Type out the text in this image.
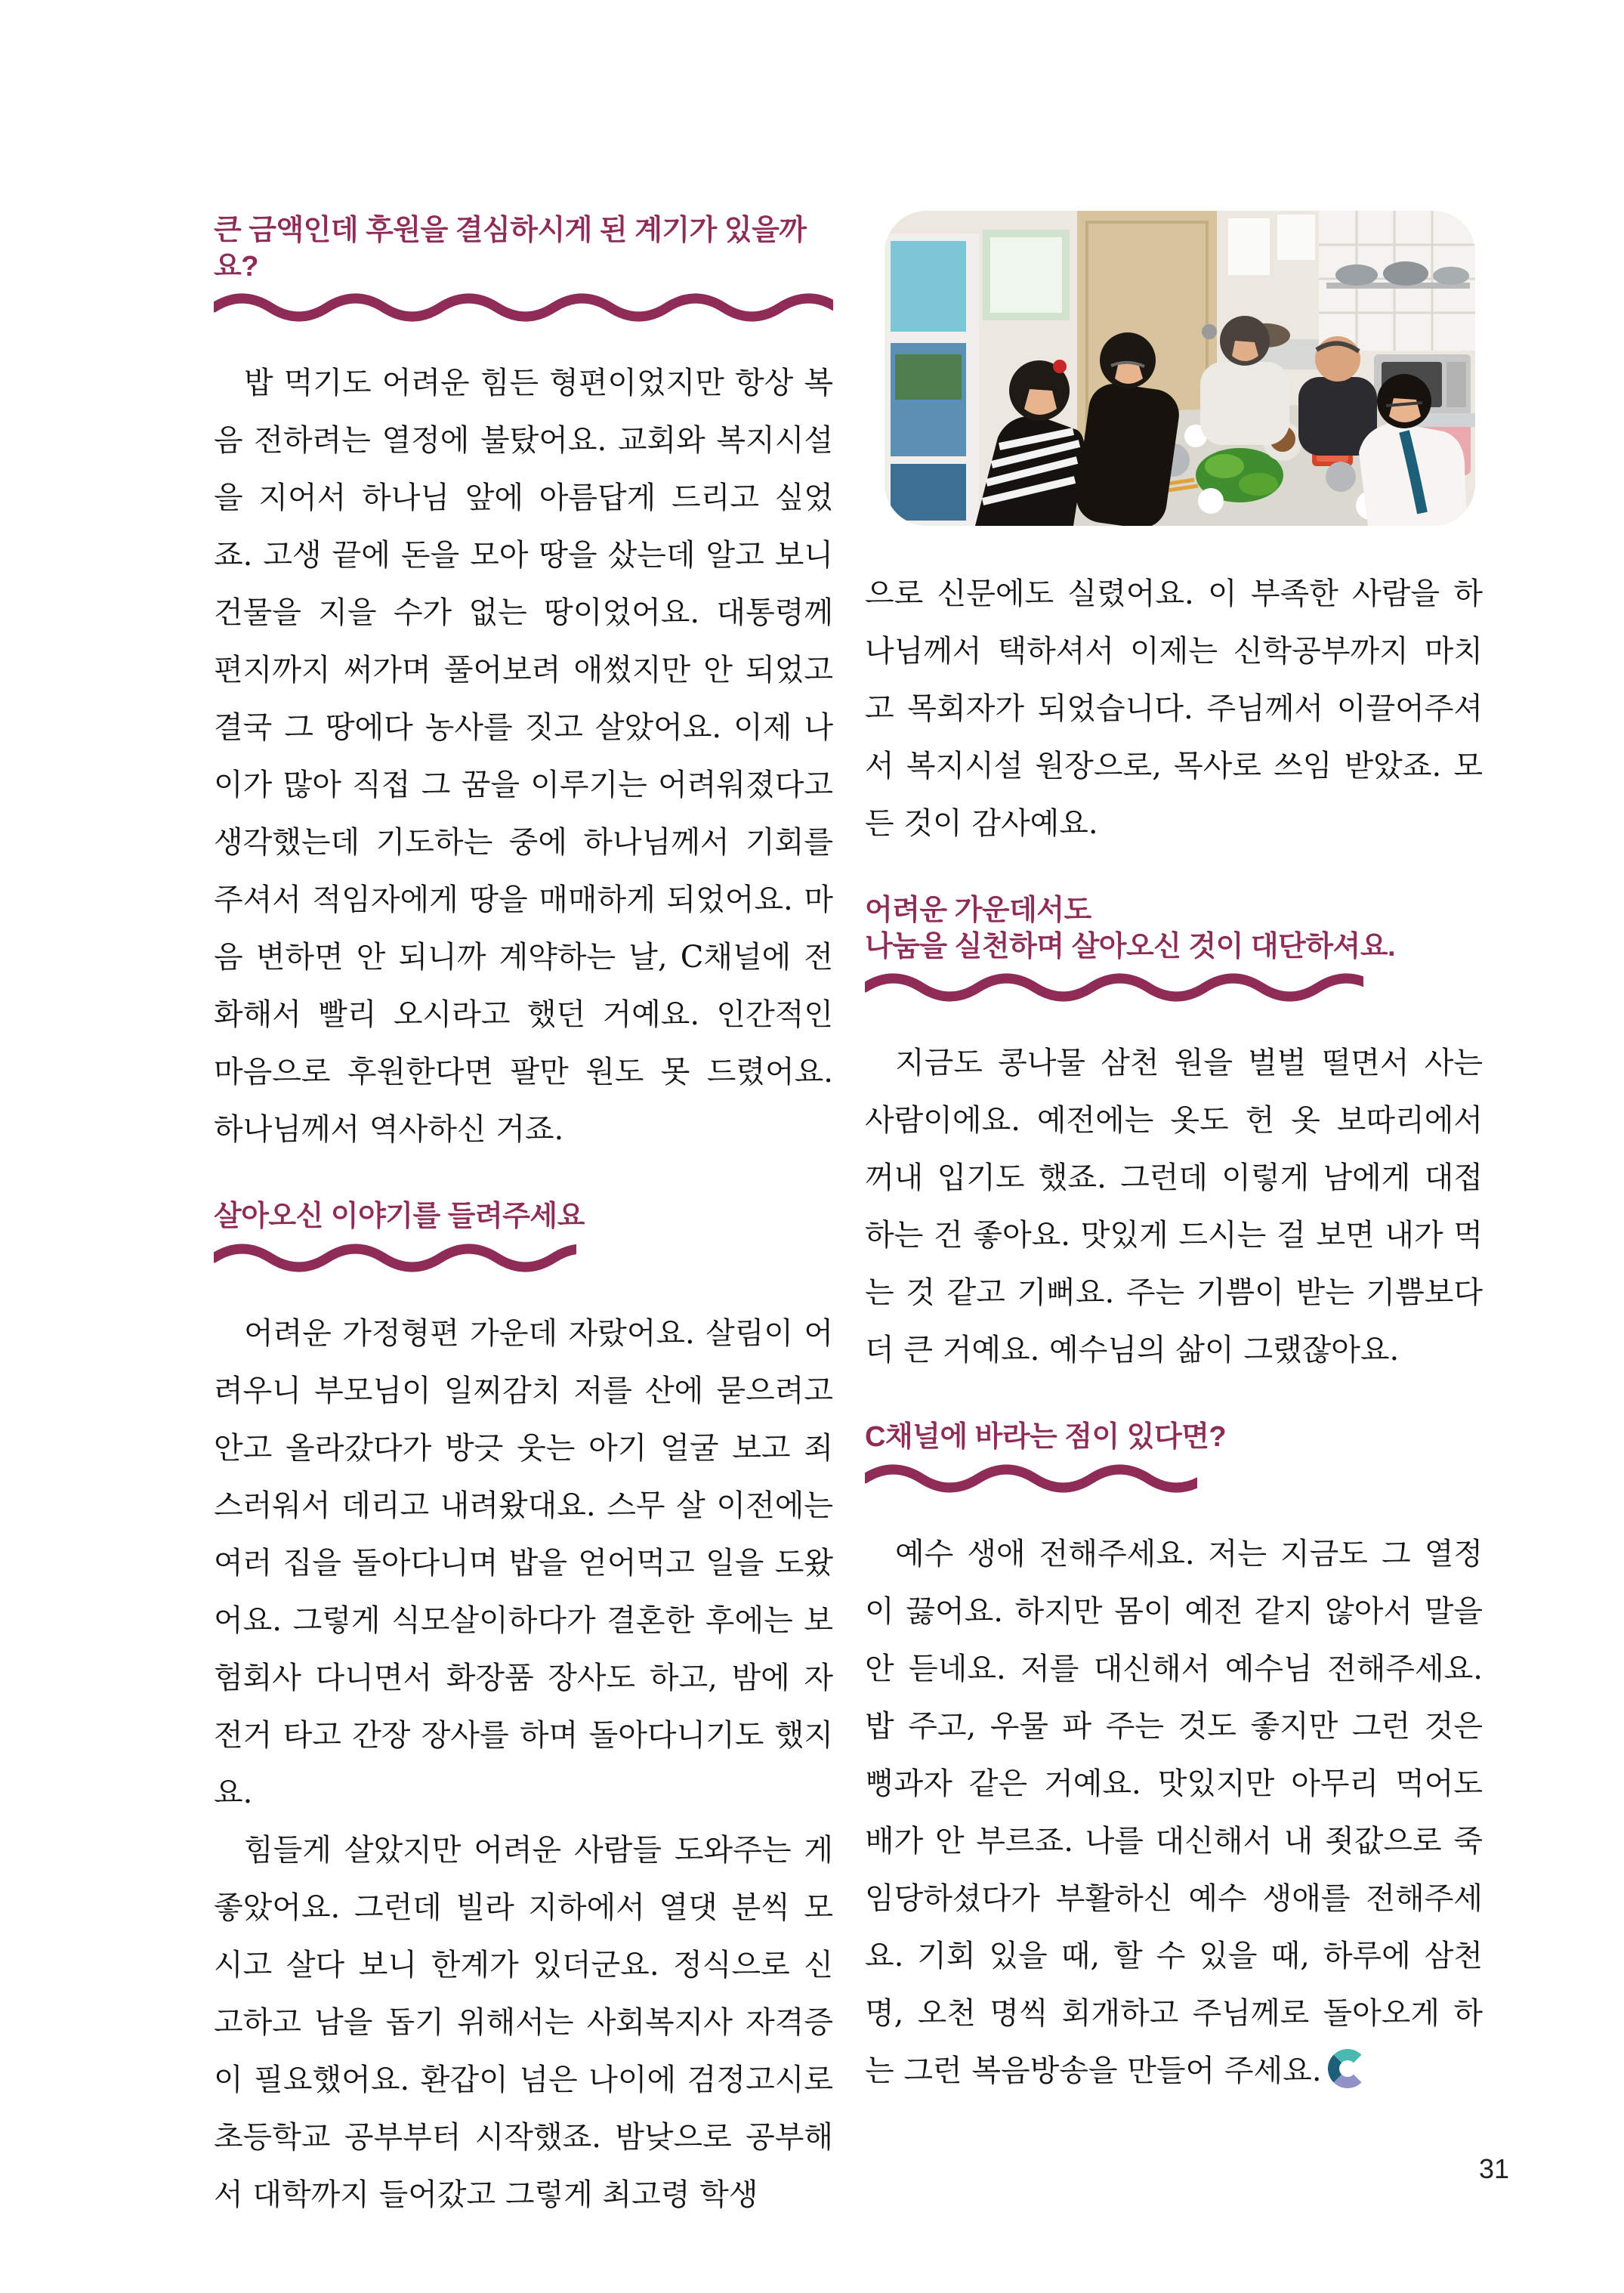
큰 금액인데 후원을 결심하시게 된 계기가 있을까요?

밥 먹기도 어려운 힘든 형편이었지만 항상 복음 전하려는 열정에 불탔어요. 교회와 복지시설을 지어서 하나님 앞에 아름답게 드리고 싶었죠. 고생 끝에 돈을 모아 땅을 샀는데 알고 보니 건물을 지을 수가 없는 땅이었어요. 대통령께 편지까지 써가며 풀어보려 애썼지만 안 되었고 결국 그 땅에다 농사를 짓고 살았어요. 이제 나이가 많아 직접 그 꿈을 이루기는 어려워졌다고 생각했는데 기도하는 중에 하나님께서 기회를 주셔서 적임자에게 땅을 매매하게 되었어요. 마음 변하면 안 되니까 계약하는 날, C채널에 전화해서 빨리 오시라고 했던 거예요. 인간적인 마음으로 후원한다면 팔만 원도 못 드렸어요. 하나님께서 역사하신 거죠.

살아오신 이야기를 들려주세요

어려운 가정형편 가운데 자랐어요. 살림이 어려우니 부모님이 일찌감치 저를 산에 묻으려고 안고 올라갔다가 방긋 웃는 아기 얼굴 보고 죄스러워서 데리고 내려왔대요. 스무 살 이전에는 여러 집을 돌아다니며 밥을 얻어먹고 일을 도왔어요. 그렇게 식모살이하다가 결혼한 후에는 보험회사 다니면서 화장품 장사도 하고, 밤에 자전거 타고 간장 장사를 하며 돌아다니기도 했지요.

힘들게 살았지만 어려운 사람들 도와주는 게 좋았어요. 그런데 빌라 지하에서 열댓 분씩 모시고 살다 보니 한계가 있더군요. 정식으로 신고하고 남을 돕기 위해서는 사회복지사 자격증이 필요했어요. 환갑이 넘은 나이에 검정고시로 초등학교 공부부터 시작했죠. 밤낮으로 공부해서 대학까지 들어갔고 그렇게 최고령 학생

으로 신문에도 실렸어요. 이 부족한 사람을 하나님께서 택하셔서 이제는 신학공부까지 마치고 목회자가 되었습니다. 주님께서 이끌어주셔서 복지시설 원장으로, 목사로 쓰임 받았죠. 모든 것이 감사예요.

어려운 가운데서도
나눔을 실천하며 살아오신 것이 대단하셔요.

지금도 콩나물 삼천 원을 벌벌 떨면서 사는 사람이에요. 예전에는 옷도 헌 옷 보따리에서 꺼내 입기도 했죠. 그런데 이렇게 남에게 대접하는 건 좋아요. 맛있게 드시는 걸 보면 내가 먹는 것 같고 기뻐요. 주는 기쁨이 받는 기쁨보다 더 큰 거예요. 예수님의 삶이 그랬잖아요.

C채널에 바라는 점이 있다면?

예수 생애 전해주세요. 저는 지금도 그 열정이 끓어요. 하지만 몸이 예전 같지 않아서 말을 안 듣네요. 저를 대신해서 예수님 전해주세요. 밥 주고, 우물 파 주는 것도 좋지만 그런 것은 뻥과자 같은 거예요. 맛있지만 아무리 먹어도 배가 안 부르죠. 나를 대신해서 내 죗값으로 죽임당하셨다가 부활하신 예수 생애를 전해주세요. 기회 있을 때, 할 수 있을 때, 하루에 삼천 명, 오천 명씩 회개하고 주님께로 돌아오게 하는 그런 복음방송을 만들어 주세요.

31
